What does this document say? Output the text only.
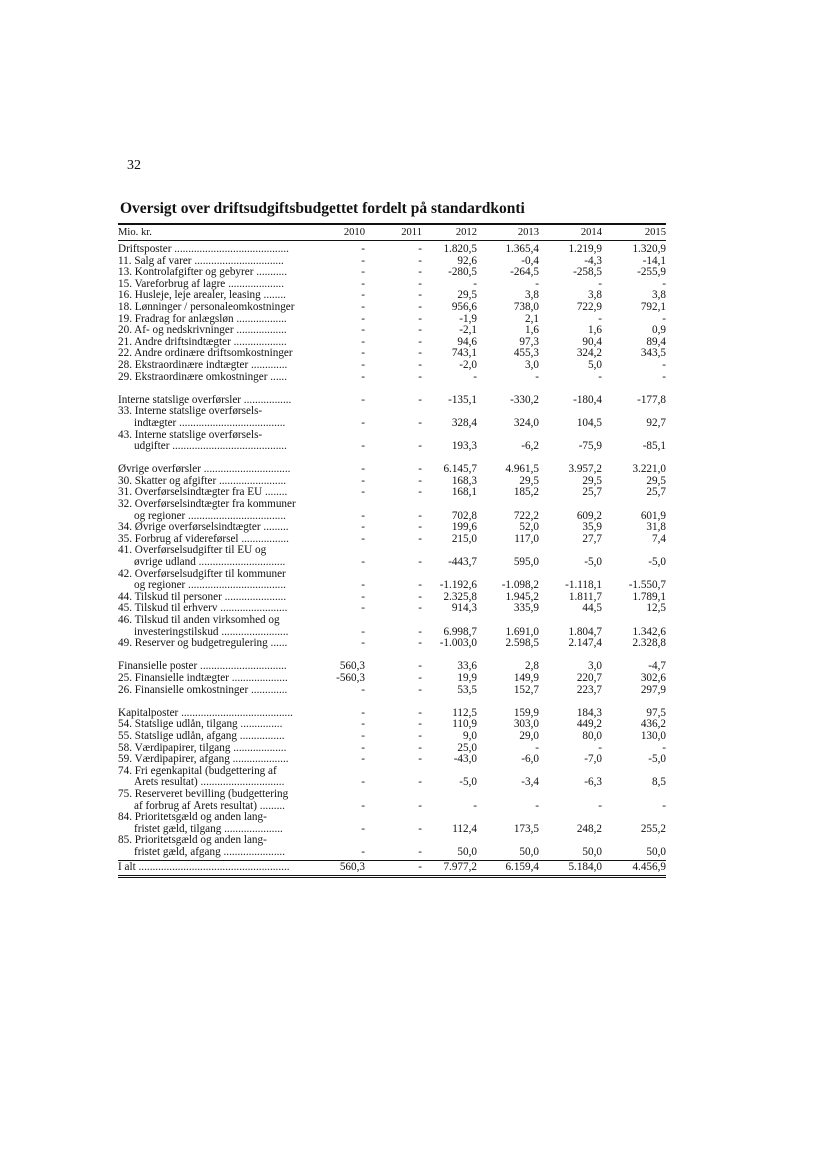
32
Oversigt over driftsudgiftsbudgettet fordelt på standardkonti
Mio. kr.	2010	2011	2012	2013	2014	2015
Driftsposter .........................................	-	-	1.820,5	1.365,4	1.219,9	1.320,9
11. Salg af varer ................................	-	-	92,6	-0,4	-4,3	-14,1
13. Kontrolafgifter og gebyrer ...........	-	-	-280,5	-264,5	-258,5	-255,9
15. Vareforbrug af lagre ....................	-	-	-	-	-	-
16. Husleje, leje arealer, leasing ........	-	-	29,5	3,8	3,8	3,8
18. Lønninger / personaleomkostninger	-	-	956,6	738,0	722,9	792,1
19. Fradrag for anlægsløn ..................	-	-	-1,9	2,1	-	-
20. Af- og nedskrivninger ..................	-	-	-2,1	1,6	1,6	0,9
21. Andre driftsindtægter ...................	-	-	94,6	97,3	90,4	89,4
22. Andre ordinære driftsomkostninger	-	-	743,1	455,3	324,2	343,5
28. Ekstraordinære indtægter .............	-	-	-2,0	3,0	5,0	-
29. Ekstraordinære omkostninger ......	-	-	-	-	-	-
Interne statslige overførsler .................	-	-	-135,1	-330,2	-180,4	-177,8
33. Interne statslige overførsels-
indtægter ......................................	-	-	328,4	324,0	104,5	92,7
43. Interne statslige overførsels-
udgifter .........................................	-	-	193,3	-6,2	-75,9	-85,1
Øvrige overførsler ...............................	-	-	6.145,7	4.961,5	3.957,2	3.221,0
30. Skatter og afgifter ........................	-	-	168,3	29,5	29,5	29,5
31. Overførselsindtægter fra EU ........	-	-	168,1	185,2	25,7	25,7
32. Overførselsindtægter fra kommuner
og regioner ...................................	-	-	702,8	722,2	609,2	601,9
34. Øvrige overførselsindtægter .........	-	-	199,6	52,0	35,9	31,8
35. Forbrug af videreførsel .................	-	-	215,0	117,0	27,7	7,4
41. Overførselsudgifter til EU og
øvrige udland ...............................	-	-	-443,7	595,0	-5,0	-5,0
42. Overførselsudgifter til kommuner
og regioner ...................................	-	-	-1.192,6	-1.098,2	-1.118,1	-1.550,7
44. Tilskud til personer ......................	-	-	2.325,8	1.945,2	1.811,7	1.789,1
45. Tilskud til erhverv ........................	-	-	914,3	335,9	44,5	12,5
46. Tilskud til anden virksomhed og
investeringstilskud ........................	-	-	6.998,7	1.691,0	1.804,7	1.342,6
49. Reserver og budgetregulering ......	-	-	-1.003,0	2.598,5	2.147,4	2.328,8
Finansielle poster ...............................	560,3	-	33,6	2,8	3,0	-4,7
25. Finansielle indtægter ....................	-560,3	-	19,9	149,9	220,7	302,6
26. Finansielle omkostninger .............	-	-	53,5	152,7	223,7	297,9
Kapitalposter ........................................	-	-	112,5	159,9	184,3	97,5
54. Statslige udlån, tilgang ...............	-	-	110,9	303,0	449,2	436,2
55. Statslige udlån, afgang ................	-	-	9,0	29,0	80,0	130,0
58. Værdipapirer, tilgang ...................	-	-	25,0	-	-	-
59. Værdipapirer, afgang ....................	-	-	-43,0	-6,0	-7,0	-5,0
74. Fri egenkapital (budgettering af
Årets resultat) ..............................	-	-	-5,0	-3,4	-6,3	8,5
75. Reserveret bevilling (budgettering
af forbrug af Årets resultat) .........	-	-	-	-	-	-
84. Prioritetsgæld og anden lang-
fristet gæld, tilgang .....................	-	-	112,4	173,5	248,2	255,2
85. Prioritetsgæld og anden lang-
fristet gæld, afgang ......................	-	-	50,0	50,0	50,0	50,0
I alt ......................................................	560,3	-	7.977,2	6.159,4	5.184,0	4.456,9
